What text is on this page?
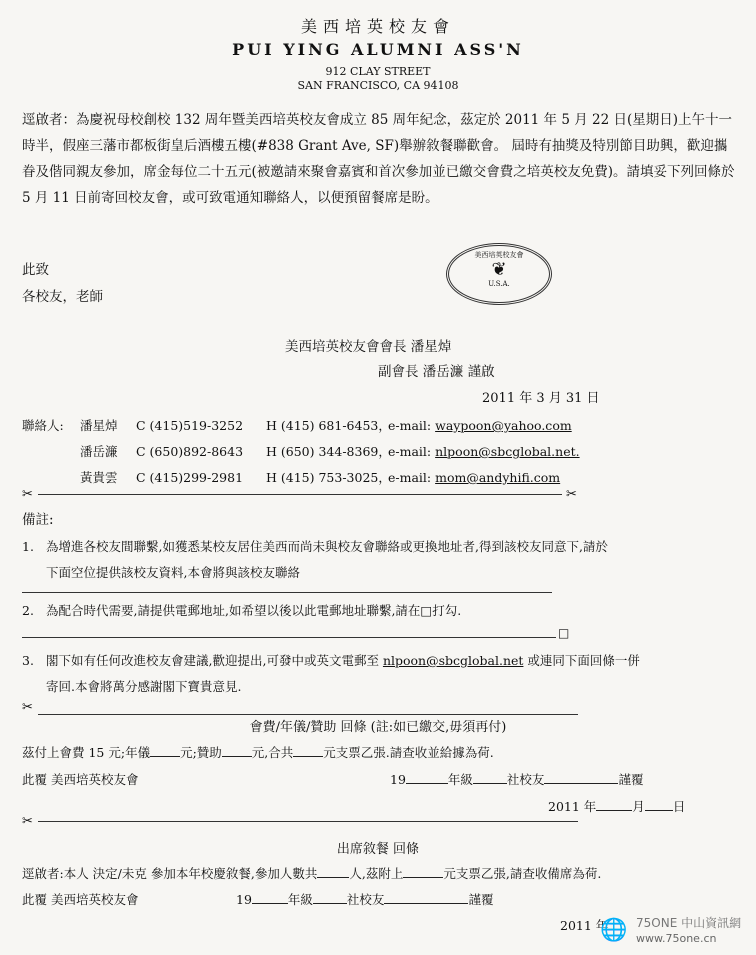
美西培英校友會
PUI YING ALUMNI ASS'N
912 CLAY STREET
SAN FRANCISCO, CA 94108
逕啟者：為慶祝母校創校 132 周年暨美西培英校友會成立 85 周年紀念，茲定於 2011 年 5 月 22 日(星期日)上午十一時半，假座三藩市都板街皇后酒樓五樓(#838 Grant Ave, SF)舉辦敘餐聯歡會。 屆時有抽獎及特別節目助興，歡迎攜眷及偕同親友參加，席金每位二十五元(被邀請來聚會嘉賓和首次參加並已繳交會費之培英校友免費)。請填妥下列回條於 5 月 11 日前寄回校友會，或可致電通知聯絡人，以便預留餐席是盼。
此致
各校友，老師
美西培英校友會
❦
U.S.A.
美西培英校友會會長 潘星焯
副會長 潘岳濂 謹啟
2011 年 3 月 31 日
聯絡人: 潘星焯 C (415)519-3252 H (415) 681-6453，e-mail: waypoon@yahoo.com
潘岳濂 C (650)892-8643 H (650) 344-8369，e-mail: nlpoon@sbcglobal.net.
黃貴雲 C (415)299-2981 H (415) 753-3025，e-mail: mom@andyhifi.com
✂	✂
備註:
1. 為增進各校友間聯繫,如獲悉某校友居住美西而尚未與校友會聯絡或更換地址者,得到該校友同意下,請於
下面空位提供該校友資料,本會將與該校友聯絡
2. 為配合時代需要,請提供電郵地址,如希望以後以此電郵地址聯繫,請在□打勾.
□
3. 閣下如有任何改進校友會建議,歡迎提出,可發中或英文電郵至 nlpoon@sbcglobal.net 或連同下面回條一併
寄回.本會將萬分感謝閣下寶貴意見.
✂
會費/年儀/贊助 回條 (註:如已繳交,毋須再付)
茲付上會費 15 元;年儀 元;贊助 元,合共 元支票乙張.請查收並給據為荷.
此覆 美西培英校友會	19	年級	社校友	謹覆
2011 年	月 日
✂
出席敘餐 回條
逕啟者:本人 決定/未克 參加本年校慶敘餐,參加人數共	人,茲附上	元支票乙張,請查收備席為荷.
此覆 美西培英校友會	19	年級	社校友	謹覆
2011 年
🌐 75ONE 中山資訊網
www.75one.cn
